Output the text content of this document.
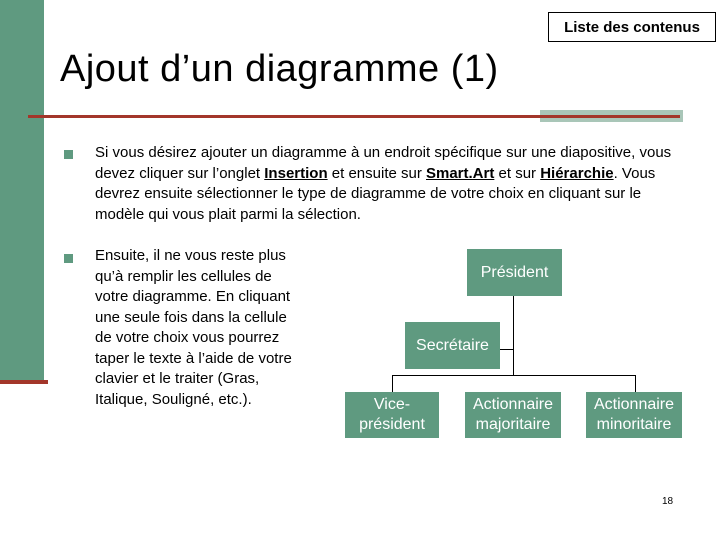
Liste des contenus
Ajout d’un diagramme (1)
Si vous désirez ajouter un diagramme à un endroit spécifique sur une diapositive, vous devez cliquer sur l’onglet Insertion et ensuite sur Smart.Art et sur Hiérarchie. Vous devrez ensuite sélectionner le type de diagramme de votre choix en cliquant sur le modèle qui vous plait parmi la sélection.
Ensuite, il ne vous reste plus qu’à remplir les cellules de votre diagramme. En cliquant une seule fois dans la cellule de votre choix vous pourrez taper le texte à l’aide de votre clavier et le traiter (Gras, Italique, Souligné, etc.).
Président
Secrétaire
Vice-président
Actionnaire majoritaire
Actionnaire minoritaire
18
